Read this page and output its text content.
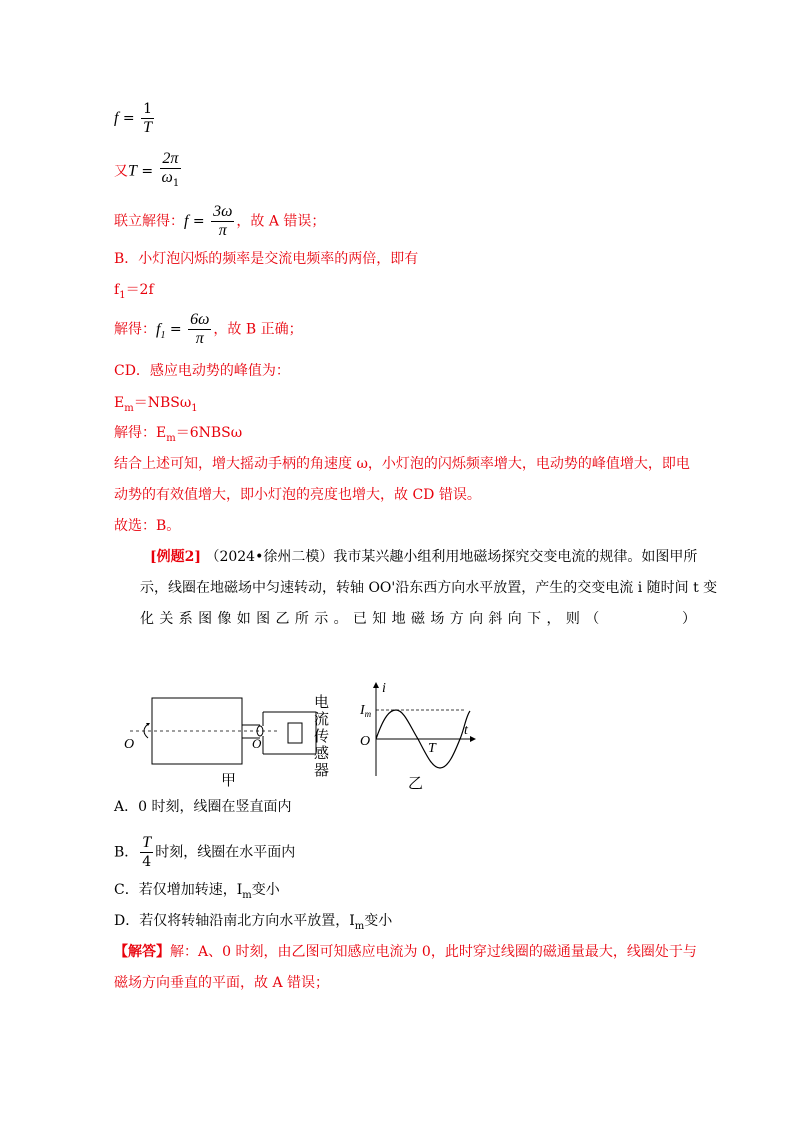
$f = \frac{1}{T}$
又$T = \frac{2\pi}{\omega_1}$
联立解得：$f = \frac{3\omega}{\pi}$ ，故 A 错误；
B．小灯泡闪烁的频率是交流电频率的两倍，即有
$f_1=2f$
解得：$f_1 = \frac{6\omega}{\pi}$ ，故 B 正确；
CD．感应电动势的峰值为：
$E_m=NBS\omega_1$
解得：$E_m=6NBS\omega$
结合上述可知，增大摇动手柄的角速度 ω，小灯泡的闪烁频率增大，电动势的峰值增大，即电
动势的有效值增大，即小灯泡的亮度也增大，故 CD 错误。
故选：B。
[例题2] （2024•徐州二模）我市某兴趣小组利用地磁场探究交变电流的规律。如图甲所
示，线圈在地磁场中匀速转动，转轴 OO'沿东西方向水平放置，产生的交变电流 i 随时间 t 变
化关系图像如图乙所示。已知地磁场方向斜向下，则（　　　　）
O	O′
甲
电
流
传
感
器
i
t
O
$I_m$
T
乙
A．0 时刻，线圈在竖直面内
B． $\frac{T}{4}$ 时刻，线圈在水平面内
C．若仅增加转速，$I_m$变小
D．若仅将转轴沿南北方向水平放置，$I_m$变小
【解答】解：A、0 时刻，由乙图可知感应电流为 0，此时穿过线圈的磁通量最大，线圈处于与
磁场方向垂直的平面，故 A 错误；
